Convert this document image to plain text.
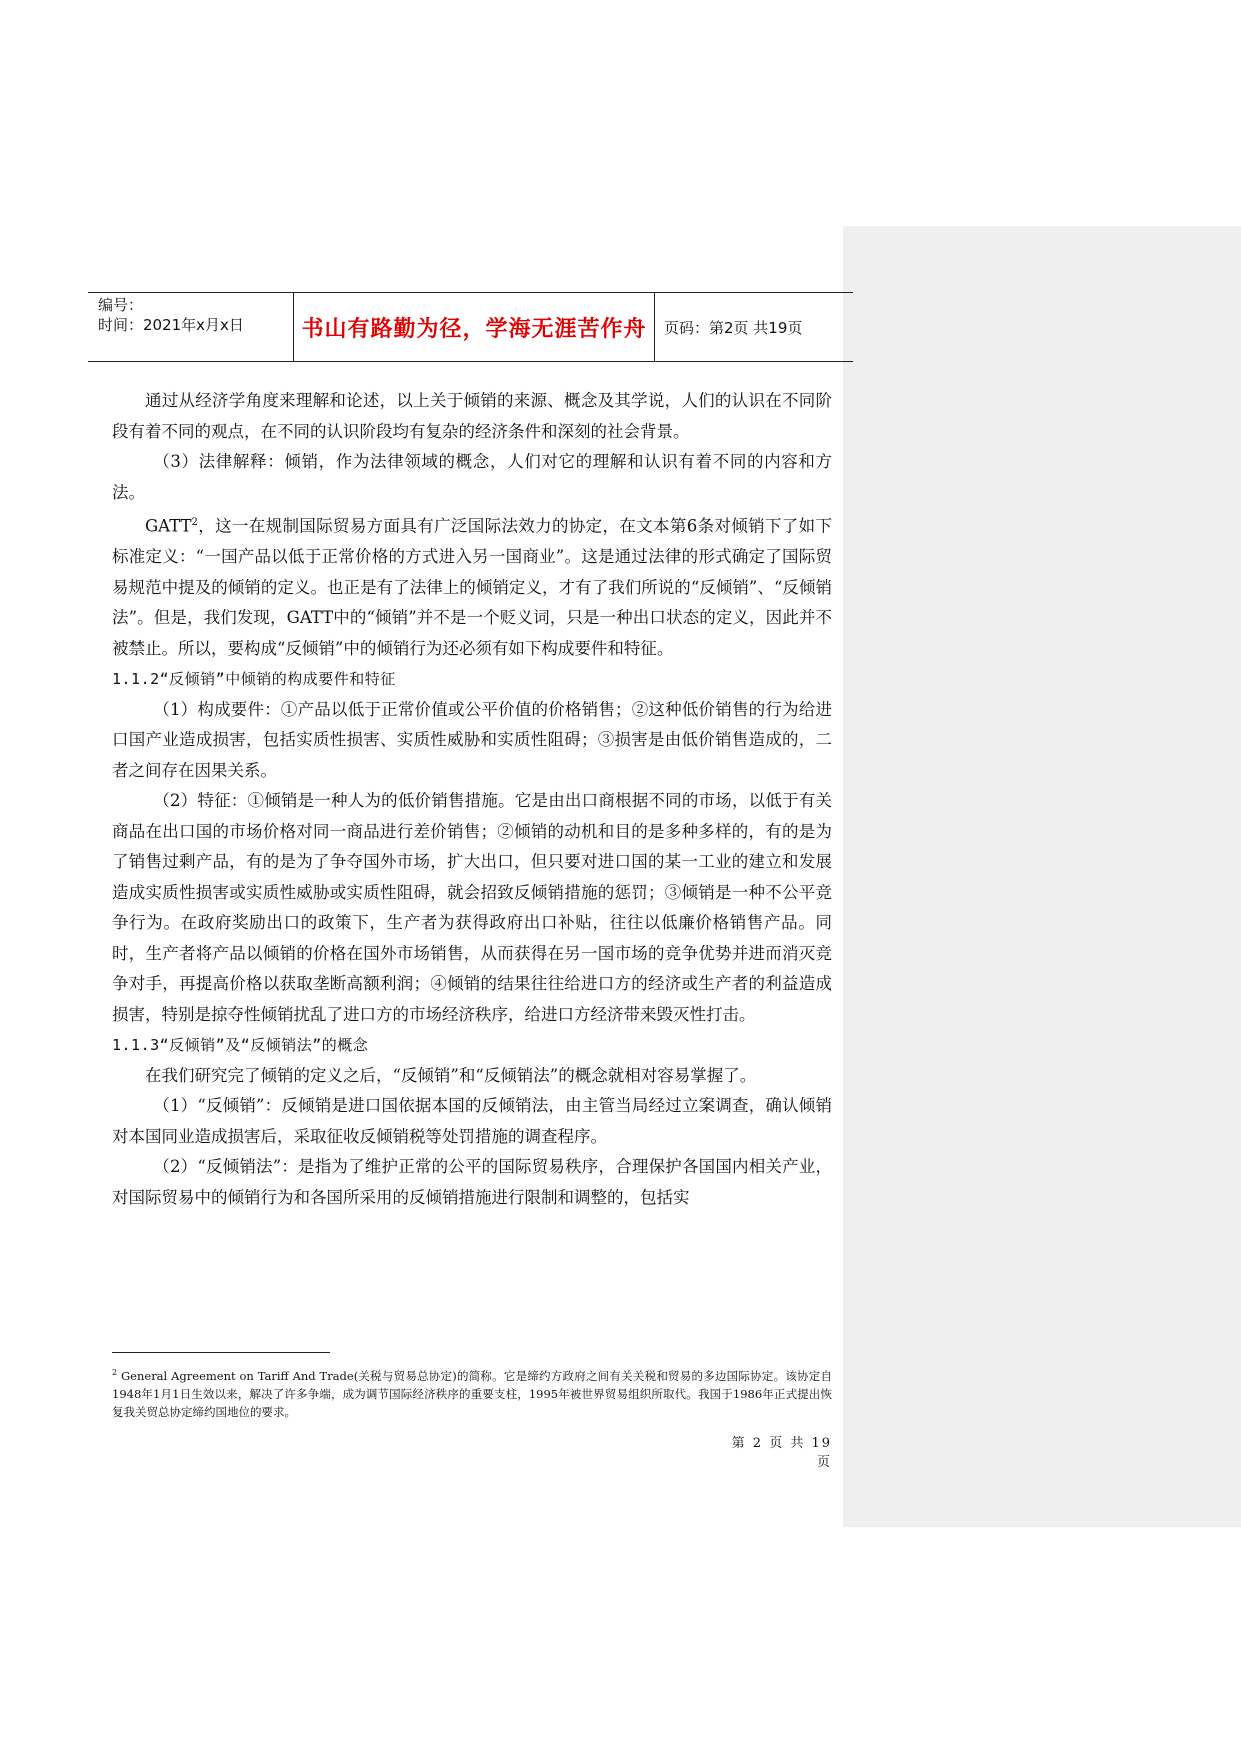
编号：
时间：2021年x月x日	书山有路勤为径，学海无涯苦作舟	页码：第2页 共19页

通过从经济学角度来理解和论述，以上关于倾销的来源、概念及其学说，人们的认识在不同阶段有着不同的观点，在不同的认识阶段均有复杂的经济条件和深刻的社会背景。

（3）法律解释：倾销，作为法律领域的概念，人们对它的理解和认识有着不同的内容和方法。

GATT$^2$，这一在规制国际贸易方面具有广泛国际法效力的协定，在文本第6条对倾销下了如下标准定义：“一国产品以低于正常价格的方式进入另一国商业”。这是通过法律的形式确定了国际贸易规范中提及的倾销的定义。也正是有了法律上的倾销定义，才有了我们所说的“反倾销”、“反倾销法”。但是，我们发现，GATT中的“倾销”并不是一个贬义词，只是一种出口状态的定义，因此并不被禁止。所以，要构成“反倾销”中的倾销行为还必须有如下构成要件和特征。

1.1.2“反倾销”中倾销的构成要件和特征

（1）构成要件：①产品以低于正常价值或公平价值的价格销售；②这种低价销售的行为给进口国产业造成损害，包括实质性损害、实质性威胁和实质性阻碍；③损害是由低价销售造成的，二者之间存在因果关系。

（2）特征：①倾销是一种人为的低价销售措施。它是由出口商根据不同的市场，以低于有关商品在出口国的市场价格对同一商品进行差价销售；②倾销的动机和目的是多种多样的，有的是为了销售过剩产品，有的是为了争夺国外市场，扩大出口，但只要对进口国的某一工业的建立和发展造成实质性损害或实质性威胁或实质性阻碍，就会招致反倾销措施的惩罚；③倾销是一种不公平竞争行为。在政府奖励出口的政策下，生产者为获得政府出口补贴，往往以低廉价格销售产品。同时，生产者将产品以倾销的价格在国外市场销售，从而获得在另一国市场的竞争优势并进而消灭竞争对手，再提高价格以获取垄断高额利润；④倾销的结果往往给进口方的经济或生产者的利益造成损害，特别是掠夺性倾销扰乱了进口方的市场经济秩序，给进口方经济带来毁灭性打击。

1.1.3“反倾销”及“反倾销法”的概念

在我们研究完了倾销的定义之后，“反倾销”和“反倾销法”的概念就相对容易掌握了。

（1）“反倾销”：反倾销是进口国依据本国的反倾销法，由主管当局经过立案调查，确认倾销对本国同业造成损害后，采取征收反倾销税等处罚措施的调查程序。

（2）“反倾销法”：是指为了维护正常的公平的国际贸易秩序，合理保护各国国内相关产业，对国际贸易中的倾销行为和各国所采用的反倾销措施进行限制和调整的，包括实

$^2$ General Agreement on Tariff And Trade(关税与贸易总协定)的简称。它是缔约方政府之间有关关税和贸易的多边国际协定。该协定自1948年1月1日生效以来，解决了许多争端，成为调节国际经济秩序的重要支柱，1995年被世界贸易组织所取代。我国于1986年正式提出恢复我关贸总协定缔约国地位的要求。
第 2 页 共 19 页
